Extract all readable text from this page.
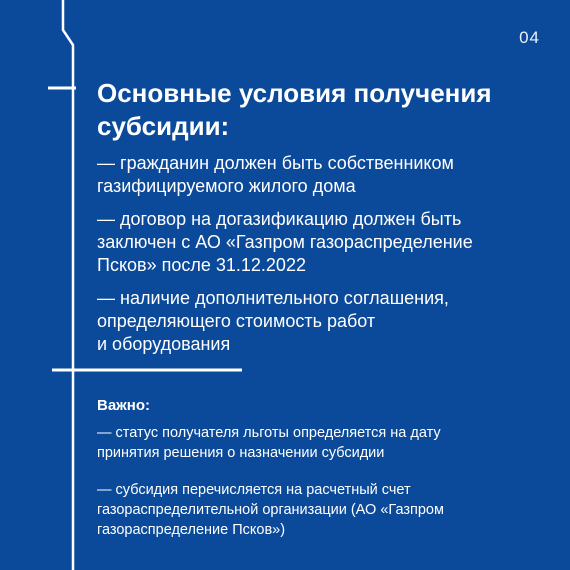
04
Основные условия получения субсидии:

— гражданин должен быть собственником
газифицируемого жилого дома

— договор на догазификацию должен быть
заключен с АО «Газпром газораспределение
Псков» после 31.12.2022

— наличие дополнительного соглашения,
определяющего стоимость работ
и оборудования

Важно:

— статус получателя льготы определяется на дату
принятия решения о назначении субсидии

— субсидия перечисляется на расчетный счет
газораспределительной организации (АО «Газпром
газораспределение Псков»)
